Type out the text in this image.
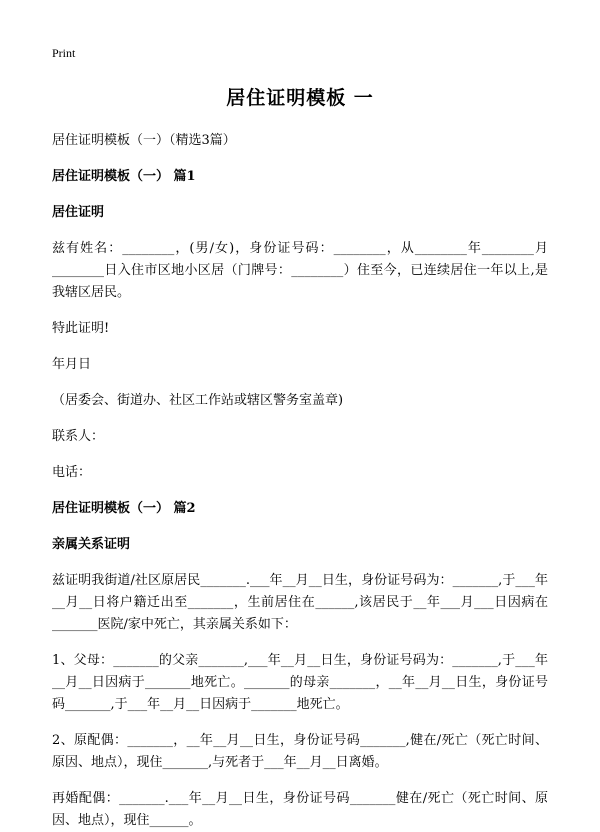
Print
居住证明模板 一

居住证明模板（一）（精选3篇）

居住证明模板（一） 篇1

居住证明

兹有姓名：________，(男/女)，身份证号码：________，从________年________月________日入住市区地小区居（门牌号：________）住至今，已连续居住一年以上,是我辖区居民。

特此证明!

年月日

（居委会、街道办、社区工作站或辖区警务室盖章)

联系人：

电话：

居住证明模板（一） 篇2

亲属关系证明

兹证明我街道/社区原居民_______.___年__月__日生，身份证号码为：_______,于___年__月__日将户籍迁出至_______，生前居住在______,该居民于__年___月___日因病在_______医院/家中死亡，其亲属关系如下：

1、父母：_______的父亲_______,___年__月__日生，身份证号码为：_______,于___年__月__日因病于_______地死亡。_______的母亲_______，__年__月__日生，身份证号码_______,于___年__月__日因病于_______地死亡。

2、原配偶：_______，__年__月__日生，身份证号码_______,健在/死亡（死亡时间、原因、地点），现住_______,与死者于___年__月__日离婚。

再婚配偶：_______.___年__月__日生，身份证号码_______健在/死亡（死亡时间、原因、地点），现住______。
